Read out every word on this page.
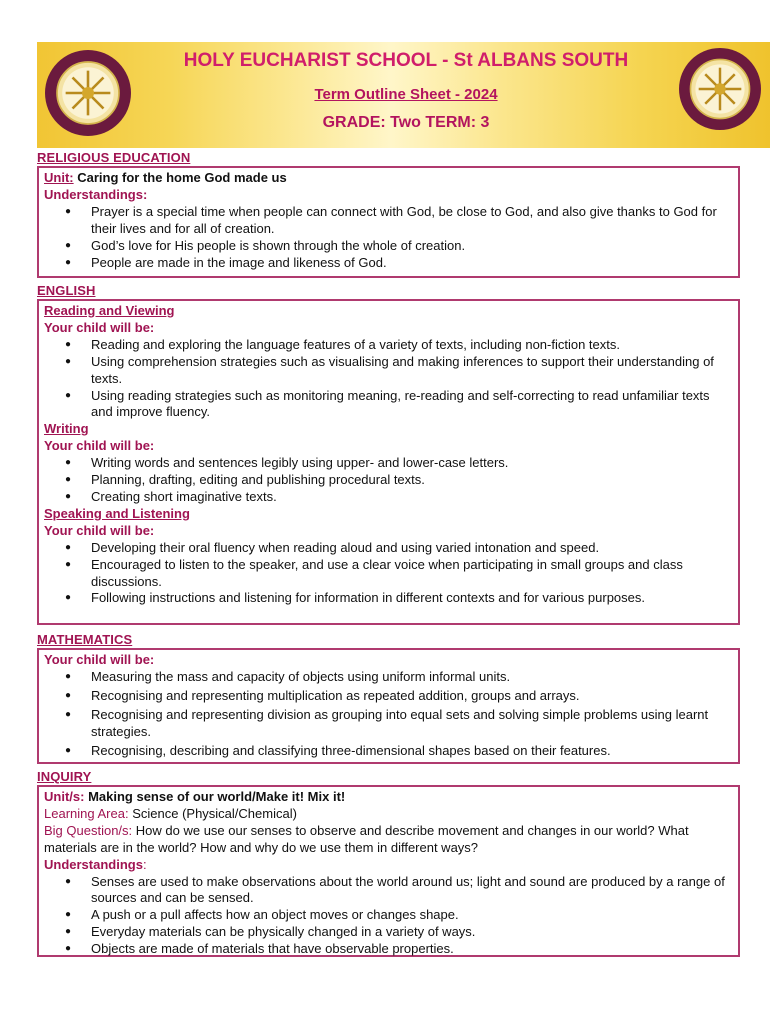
HOLY EUCHARIST SCHOOL - St ALBANS SOUTH
Term Outline Sheet - 2024
GRADE: Two TERM: 3
RELIGIOUS EDUCATION
Unit: Caring for the home God made us
Understandings:
● Prayer is a special time when people can connect with God, be close to God, and also give thanks to God for their lives and for all of creation.
● God’s love for His people is shown through the whole of creation.
● People are made in the image and likeness of God.
ENGLISH
Reading and Viewing
Your child will be:
● Reading and exploring the language features of a variety of texts, including non-fiction texts.
● Using comprehension strategies such as visualising and making inferences to support their understanding of texts.
● Using reading strategies such as monitoring meaning, re-reading and self-correcting to read unfamiliar texts and improve fluency.
Writing
Your child will be:
● Writing words and sentences legibly using upper- and lower-case letters.
● Planning, drafting, editing and publishing procedural texts.
● Creating short imaginative texts.
Speaking and Listening
Your child will be:
● Developing their oral fluency when reading aloud and using varied intonation and speed.
● Encouraged to listen to the speaker, and use a clear voice when participating in small groups and class discussions.
● Following instructions and listening for information in different contexts and for various purposes.
MATHEMATICS
Your child will be:
● Measuring the mass and capacity of objects using uniform informal units.
● Recognising and representing multiplication as repeated addition, groups and arrays.
● Recognising and representing division as grouping into equal sets and solving simple problems using learnt strategies.
● Recognising, describing and classifying three-dimensional shapes based on their features.
INQUIRY
Unit/s: Making sense of our world/Make it! Mix it!
Learning Area: Science (Physical/Chemical)
Big Question/s: How do we use our senses to observe and describe movement and changes in our world? What materials are in the world? How and why do we use them in different ways?
Understandings:
● Senses are used to make observations about the world around us; light and sound are produced by a range of sources and can be sensed.
● A push or a pull affects how an object moves or changes shape.
● Everyday materials can be physically changed in a variety of ways.
● Objects are made of materials that have observable properties.
